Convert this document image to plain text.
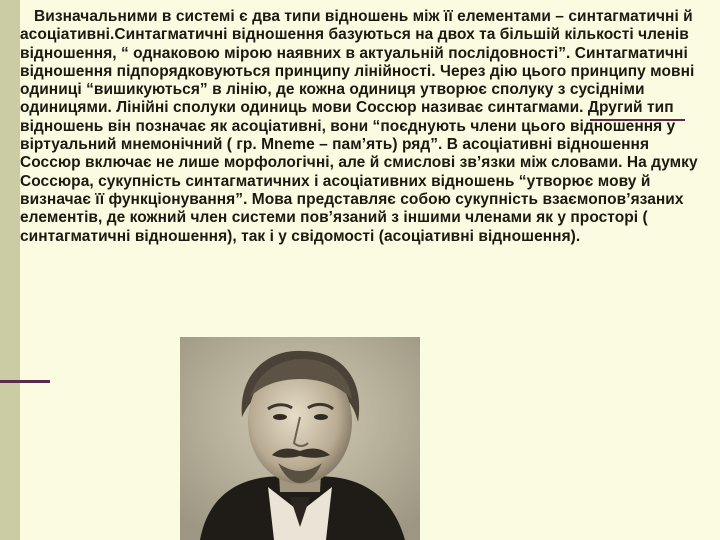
Визначальними в системі є два типи відношень між її елементами – синтагматичні й асоціативні.Синтагматичні відношення базуються на двох та більшій кількості членів відношення, “ однаковою мірою наявних в актуальній послідовності”. Синтагматичні відношення підпорядковуються принципу лінійності. Через дію цього принципу мовні одиниці “вишикуються” в лінію, де кожна одиниця утворює сполуку з сусідніми одиницями. Лінійні сполуки одиниць мови Соссюр називає синтагмами. Другий тип відношень він позначає як асоціативні, вони “поєднують члени цього відношення у віртуальний мнемонічний ( гр. Mneme – пам’ять) ряд”. В асоціативні відношення Соссюр включає не лише морфологічні, але й смислові зв’язки між словами. На думку Соссюра, сукупність синтагматичних і асоціативних відношень “утворює мову й визначає її функціонування”. Мова представляє собою сукупність взаємопов’язаних елементів, де кожний член системи пов’язаний з іншими членами як у просторі ( синтагматичні відношення), так і у свідомості (асоціативні відношення).
